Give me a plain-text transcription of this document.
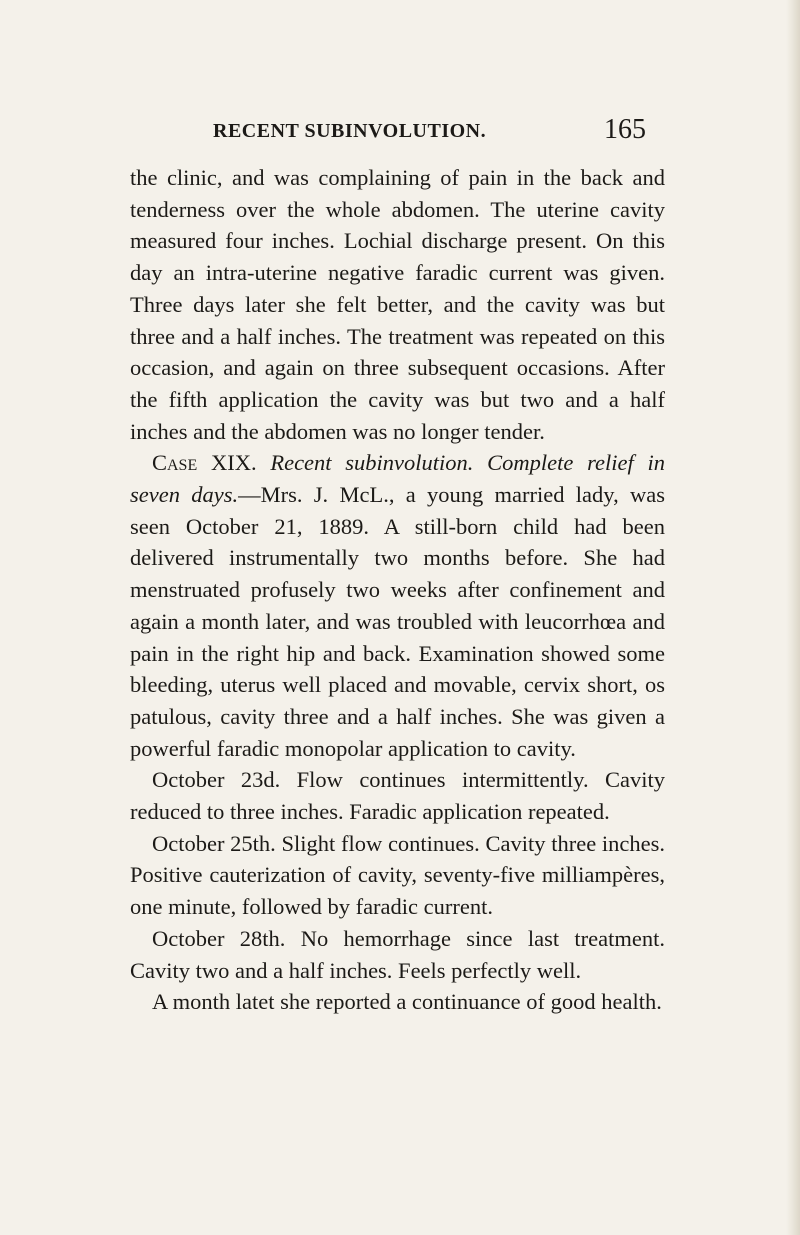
RECENT SUBINVOLUTION.	165

the clinic, and was complaining of pain in the back and tenderness over the whole abdomen. The uterine cavity measured four inches. Lochial discharge present. On this day an intra-uterine negative faradic current was given. Three days later she felt better, and the cavity was but three and a half inches. The treatment was repeated on this occasion, and again on three subsequent occasions. After the fifth application the cavity was but two and a half inches and the abdomen was no longer tender.

Case XIX. Recent subinvolution. Complete relief in seven days.—Mrs. J. McL., a young married lady, was seen October 21, 1889. A still-born child had been delivered instrumentally two months before. She had menstruated profusely two weeks after confinement and again a month later, and was troubled with leucorrhœa and pain in the right hip and back. Examination showed some bleeding, uterus well placed and movable, cervix short, os patulous, cavity three and a half inches. She was given a powerful faradic monopolar application to cavity.

October 23d. Flow continues intermittently. Cavity reduced to three inches. Faradic application repeated.

October 25th. Slight flow continues. Cavity three inches. Positive cauterization of cavity, seventy-five milliampères, one minute, followed by faradic current.

October 28th. No hemorrhage since last treatment. Cavity two and a half inches. Feels perfectly well.

A month latet she reported a continuance of good health.
